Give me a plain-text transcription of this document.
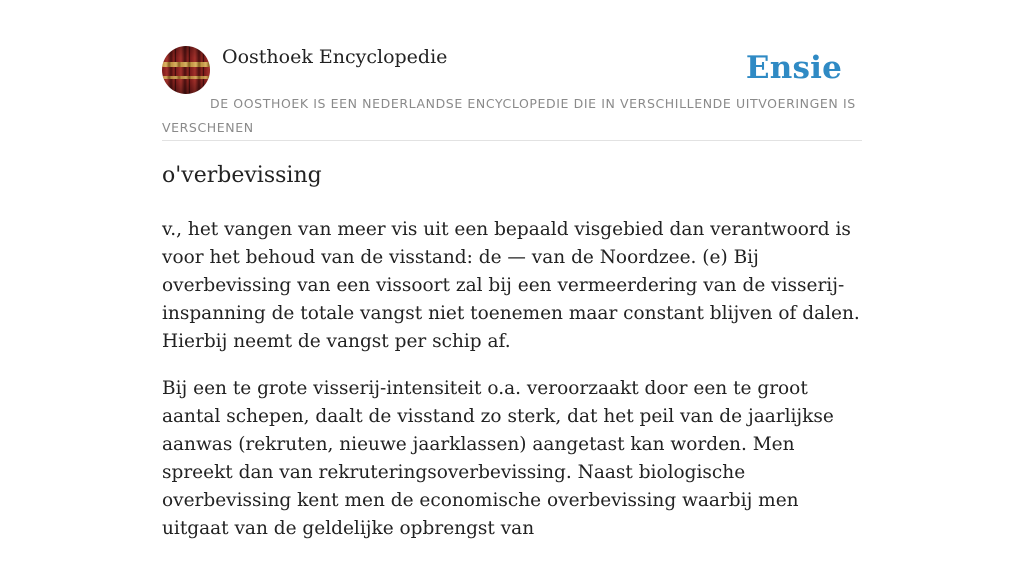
Oosthoek Encyclopedie	Ensie
DE OOSTHOEK IS EEN NEDERLANDSE ENCYCLOPEDIE DIE IN VERSCHILLENDE UITVOERINGEN IS VERSCHENEN
o'verbevissing

v., het vangen van meer vis uit een bepaald visgebied dan verantwoord is voor het behoud van de visstand: de — van de Noordzee. (e) Bij overbevissing van een vissoort zal bij een vermeerdering van de visserij-inspanning de totale vangst niet toenemen maar constant blijven of dalen. Hierbij neemt de vangst per schip af.

Bij een te grote visserij-intensiteit o.a. veroorzaakt door een te groot aantal schepen, daalt de visstand zo sterk, dat het peil van de jaarlijkse aanwas (rekruten, nieuwe jaarklassen) aangetast kan worden. Men spreekt dan van rekruteringsoverbevissing. Naast biologische overbevissing kent men de economische overbevissing waarbij men uitgaat van de geldelijke opbrengst van
